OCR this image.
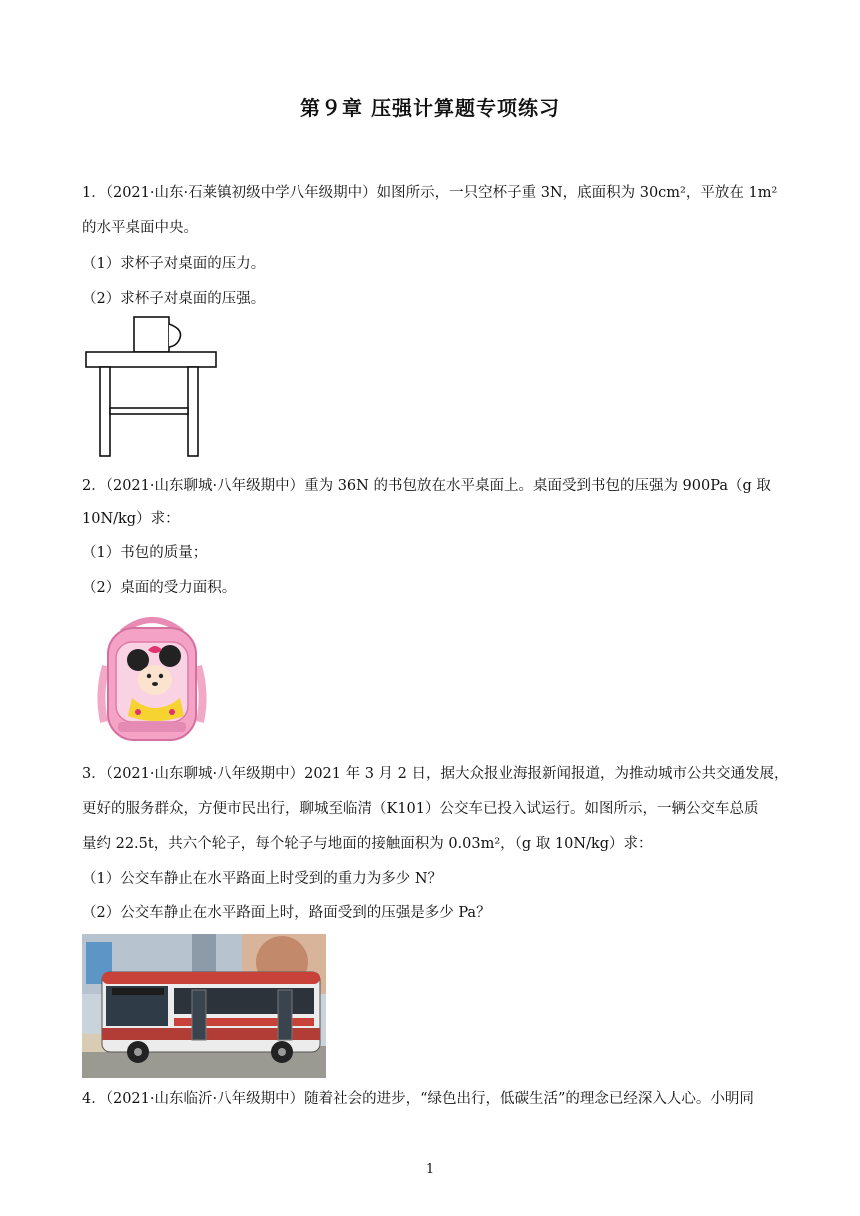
第９章 压强计算题专项练习
1．（2021·山东·石莱镇初级中学八年级期中）如图所示，一只空杯子重 3N，底面积为 30cm²，平放在 1m²
的水平桌面中央。
（1）求杯子对桌面的压力。
（2）求杯子对桌面的压强。
2．（2021·山东聊城·八年级期中）重为 36N 的书包放在水平桌面上。桌面受到书包的压强为 900Pa（g 取
10N/kg）求：
（1）书包的质量；
（2）桌面的受力面积。
3．（2021·山东聊城·八年级期中）2021 年 3 月 2 日，据大众报业海报新闻报道，为推动城市公共交通发展，
更好的服务群众，方便市民出行，聊城至临清（K101）公交车已投入试运行。如图所示，一辆公交车总质
量约 22.5t，共六个轮子，每个轮子与地面的接触面积为 0.03m²，（g 取 10N/kg）求：
（1）公交车静止在水平路面上时受到的重力为多少 N？
（2）公交车静止在水平路面上时，路面受到的压强是多少 Pa？
4．（2021·山东临沂·八年级期中）随着社会的进步，“绿色出行，低碳生活”的理念已经深入人心。小明同
1
